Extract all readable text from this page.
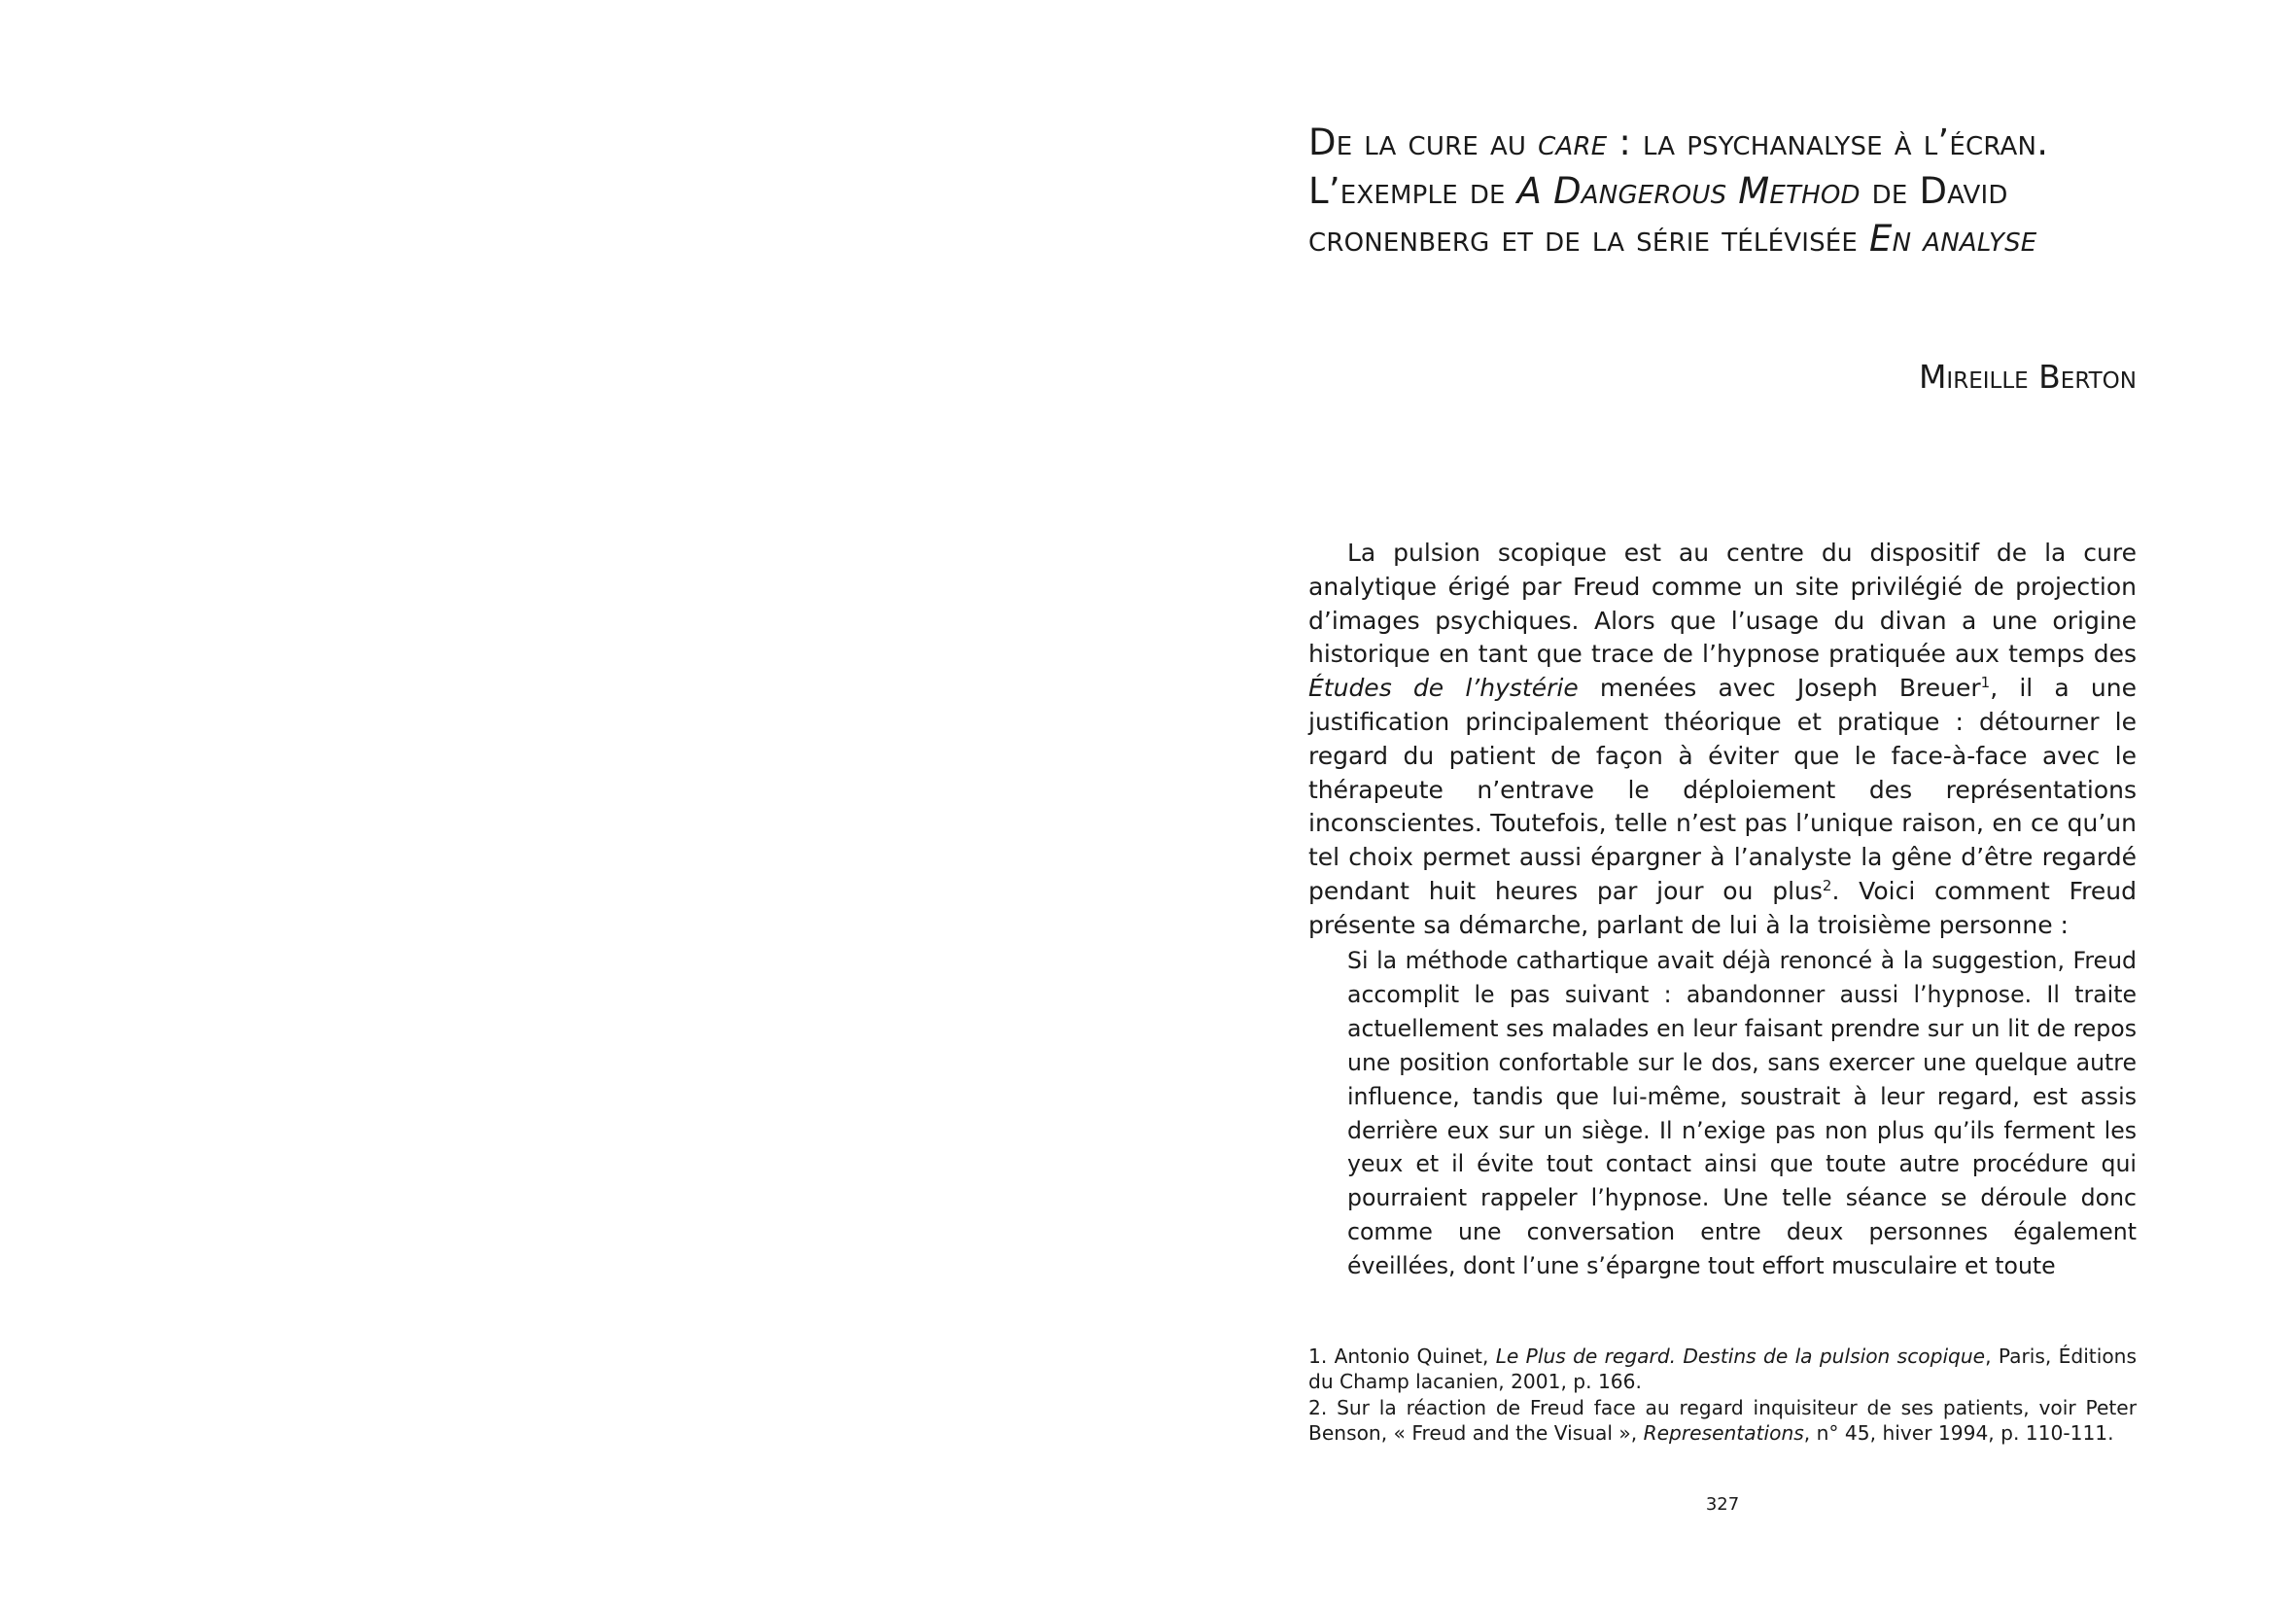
De la cure au care : la psychanalyse à l’écran. L’exemple de A Dangerous Method de David cronenberg et de la série télévisée En analyse
Mireille Berton

La pulsion scopique est au centre du dispositif de la cure analytique érigé par Freud comme un site privilégié de projection d’images psychiques. Alors que l’usage du divan a une origine historique en tant que trace de l’hypnose pratiquée aux temps des Études de l’hystérie menées avec Joseph Breuer$^1$, il a une justification principalement théorique et pratique : détourner le regard du patient de façon à éviter que le face-à-face avec le thérapeute n’entrave le déploiement des représentations inconscientes. Toutefois, telle n’est pas l’unique raison, en ce qu’un tel choix permet aussi épargner à l’analyste la gêne d’être regardé pendant huit heures par jour ou plus$^2$. Voici comment Freud présente sa démarche, parlant de lui à la troisième personne :

Si la méthode cathartique avait déjà renoncé à la suggestion, Freud accomplit le pas suivant : abandonner aussi l’hypnose. Il traite actuellement ses malades en leur faisant prendre sur un lit de repos une position confortable sur le dos, sans exercer une quelque autre influence, tandis que lui-même, soustrait à leur regard, est assis derrière eux sur un siège. Il n’exige pas non plus qu’ils ferment les yeux et il évite tout contact ainsi que toute autre procédure qui pourraient rappeler l’hypnose. Une telle séance se déroule donc comme une conversation entre deux personnes également éveillées, dont l’une s’épargne tout effort musculaire et toute

1. Antonio Quinet, Le Plus de regard. Destins de la pulsion scopique, Paris, Éditions du Champ lacanien, 2001, p. 166.

2. Sur la réaction de Freud face au regard inquisiteur de ses patients, voir Peter Benson, « Freud and the Visual », Representations, n° 45, hiver 1994, p. 110-111.

327
